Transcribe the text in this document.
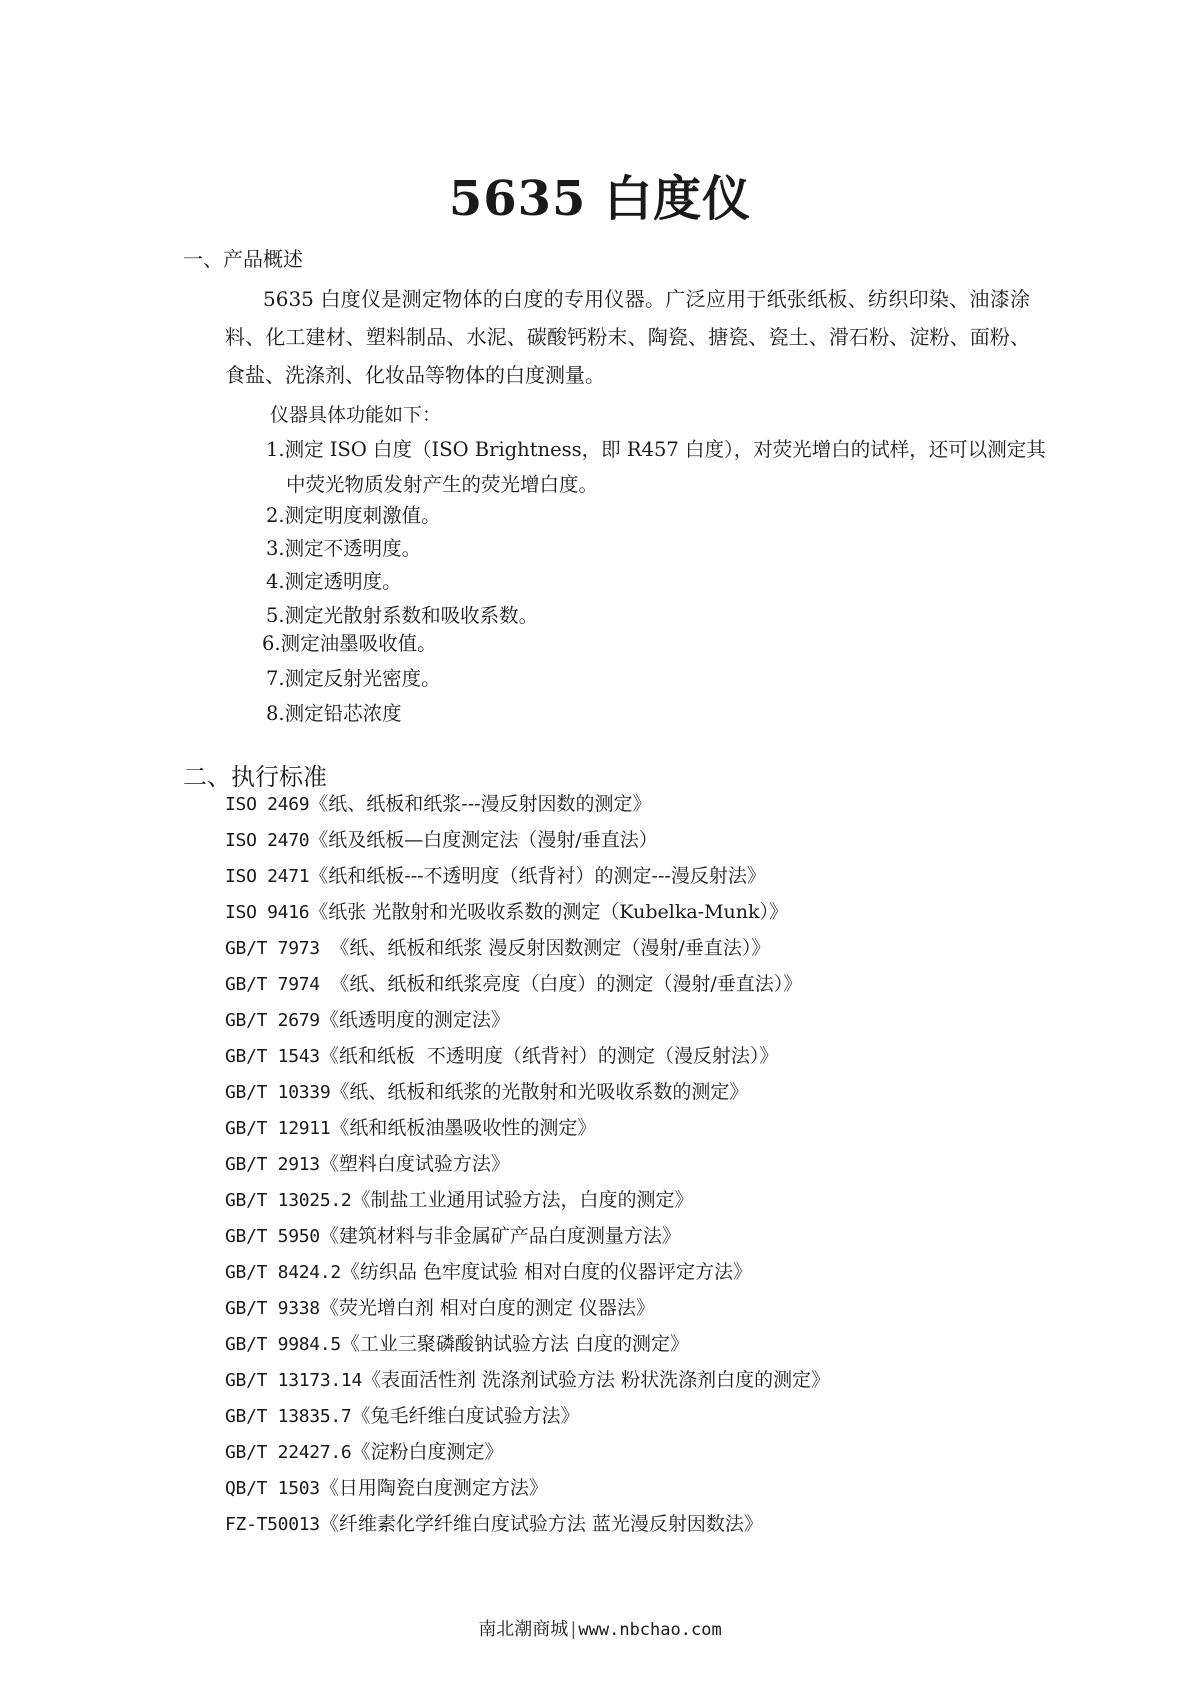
5635 白度仪
一、产品概述
5635 白度仪是测定物体的白度的专用仪器。广泛应用于纸张纸板、纺织印染、油漆涂料、化工建材、塑料制品、水泥、碳酸钙粉末、陶瓷、搪瓷、瓷土、滑石粉、淀粉、面粉、食盐、洗涤剂、化妆品等物体的白度测量。
仪器具体功能如下：
1.测定 ISO 白度（ISO Brightness，即 R457 白度），对荧光增白的试样，还可以测定其中荧光物质发射产生的荧光增白度。
2.测定明度刺激值。
3.测定不透明度。
4.测定透明度。
5.测定光散射系数和吸收系数。
6.测定油墨吸收值。
7.测定反射光密度。
8.测定铅芯浓度
二、执行标准
ISO 2469《纸、纸板和纸浆---漫反射因数的测定》
ISO 2470《纸及纸板—白度测定法（漫射/垂直法）
ISO 2471《纸和纸板---不透明度（纸背衬）的测定---漫反射法》
ISO 9416《纸张 光散射和光吸收系数的测定（Kubelka-Munk）》
GB/T 7973 《纸、纸板和纸浆 漫反射因数测定（漫射/垂直法）》
GB/T 7974 《纸、纸板和纸浆亮度（白度）的测定（漫射/垂直法）》
GB/T 2679《纸透明度的测定法》
GB/T 1543《纸和纸板  不透明度（纸背衬）的测定（漫反射法）》
GB/T 10339《纸、纸板和纸浆的光散射和光吸收系数的测定》
GB/T 12911《纸和纸板油墨吸收性的测定》
GB/T 2913《塑料白度试验方法》
GB/T 13025.2《制盐工业通用试验方法，白度的测定》
GB/T 5950《建筑材料与非金属矿产品白度测量方法》
GB/T 8424.2《纺织品 色牢度试验 相对白度的仪器评定方法》
GB/T 9338《荧光增白剂 相对白度的测定 仪器法》
GB/T 9984.5《工业三聚磷酸钠试验方法 白度的测定》
GB/T 13173.14《表面活性剂 洗涤剂试验方法 粉状洗涤剂白度的测定》
GB/T 13835.7《兔毛纤维白度试验方法》
GB/T 22427.6《淀粉白度测定》
QB/T 1503《日用陶瓷白度测定方法》
FZ-T50013《纤维素化学纤维白度试验方法 蓝光漫反射因数法》
南北潮商城 | www.nbchao.com
